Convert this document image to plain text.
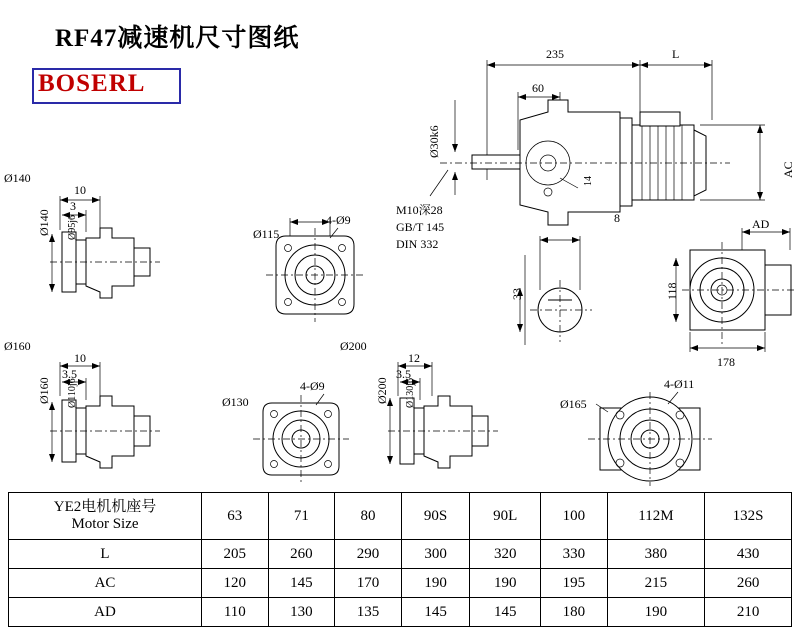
RF47减速机尺寸图纸
BOSERL
235	L
60
Ø30k6
AC
AD
14
M10深28
GB/T 145
DIN 332
8
33	118
178
Ø140
10
3
Ø140 Ø95j6	Ø115
4-Ø9
Ø160
10
3.5
Ø160 Ø110j6	Ø130
4-Ø9
Ø200
12
3.5
Ø200 Ø130j6	Ø165
4-Ø11
YE2电机机座号
Motor Size	63	71	80	90S	90L	100	112M	132S
L	205	260	290	300	320	330	380	430
AC	120	145	170	190	190	195	215	260
AD	110	130	135	145	145	180	190	210
